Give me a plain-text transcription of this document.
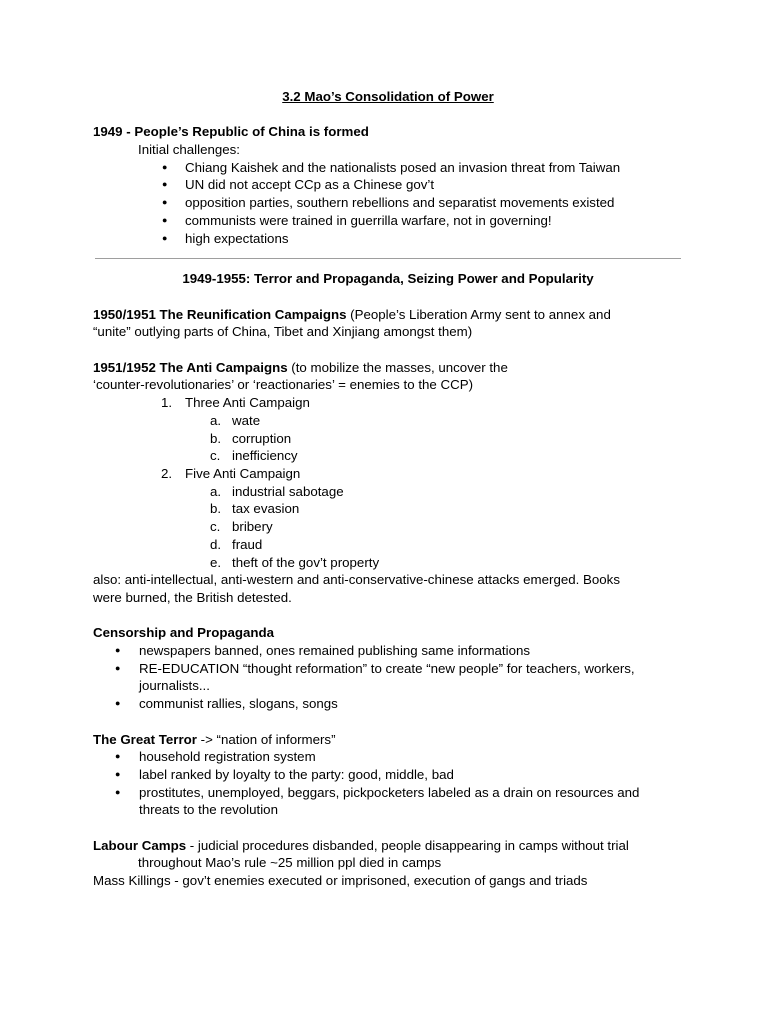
3.2 Mao’s Consolidation of Power

1949 - People’s Republic of China is formed

Initial challenges:

● Chiang Kaishek and the nationalists posed an invasion threat from Taiwan
● UN did not accept CCp as a Chinese gov’t
● opposition parties, southern rebellions and separatist movements existed
● communists were trained in guerrilla warfare, not in governing!
● high expectations

1949-1955: Terror and Propaganda, Seizing Power and Popularity

1950/1951 The Reunification Campaigns (People’s Liberation Army sent to annex and

“unite” outlying parts of China, Tibet and Xinjiang amongst them)

1951/1952 The Anti Campaigns (to mobilize the masses, uncover the

‘counter-revolutionaries’ or ‘reactionaries’ = enemies to the CCP)

1. Three Anti Campaign
a. wate
b. corruption
c. inefficiency
2. Five Anti Campaign
a. industrial sabotage
b. tax evasion
c. bribery
d. fraud
e. theft of the gov’t property

also: anti-intellectual, anti-western and anti-conservative-chinese attacks emerged. Books

were burned, the British detested.

Censorship and Propaganda

● newspapers banned, ones remained publishing same informations
● RE-EDUCATION “thought reformation” to create “new people” for teachers, workers, journalists...
● communist rallies, slogans, songs

The Great Terror -> “nation of informers”

● household registration system
● label ranked by loyalty to the party: good, middle, bad
● prostitutes, unemployed, beggars, pickpocketers labeled as a drain on resources and threats to the revolution

Labour Camps - judicial procedures disbanded, people disappearing in camps without trial

throughout Mao’s rule ~25 million ppl died in camps

Mass Killings - gov’t enemies executed or imprisoned, execution of gangs and triads
